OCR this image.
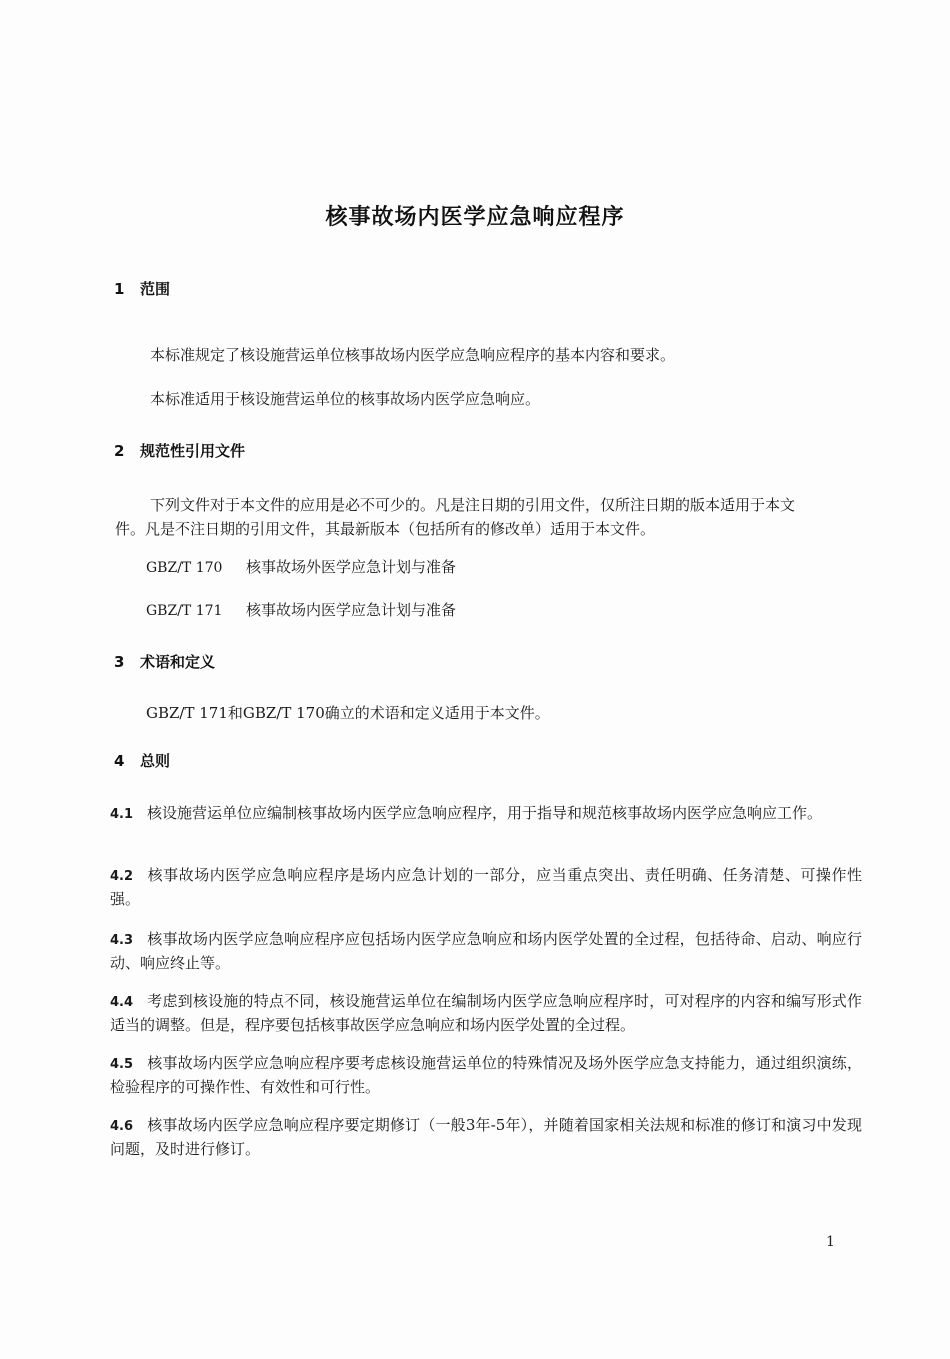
核事故场内医学应急响应程序
1 范围
本标准规定了核设施营运单位核事故场内医学应急响应程序的基本内容和要求。
本标准适用于核设施营运单位的核事故场内医学应急响应。
2 规范性引用文件
下列文件对于本文件的应用是必不可少的。凡是注日期的引用文件，仅所注日期的版本适用于本文
件。凡是不注日期的引用文件，其最新版本（包括所有的修改单）适用于本文件。
GBZ/T 170 核事故场外医学应急计划与准备
GBZ/T 171 核事故场内医学应急计划与准备
3 术语和定义
GBZ/T 171和GBZ/T 170确立的术语和定义适用于本文件。
4 总则
4.1 核设施营运单位应编制核事故场内医学应急响应程序，用于指导和规范核事故场内医学应急响应工作。
4.2 核事故场内医学应急响应程序是场内应急计划的一部分，应当重点突出、责任明确、任务清楚、可操作性强。
4.3 核事故场内医学应急响应程序应包括场内医学应急响应和场内医学处置的全过程，包括待命、启动、响应行动、响应终止等。
4.4 考虑到核设施的特点不同，核设施营运单位在编制场内医学应急响应程序时，可对程序的内容和编写形式作适当的调整。但是，程序要包括核事故医学应急响应和场内医学处置的全过程。
4.5 核事故场内医学应急响应程序要考虑核设施营运单位的特殊情况及场外医学应急支持能力，通过组织演练，检验程序的可操作性、有效性和可行性。
4.6 核事故场内医学应急响应程序要定期修订（一般3年-5年），并随着国家相关法规和标准的修订和演习中发现问题，及时进行修订。
1
